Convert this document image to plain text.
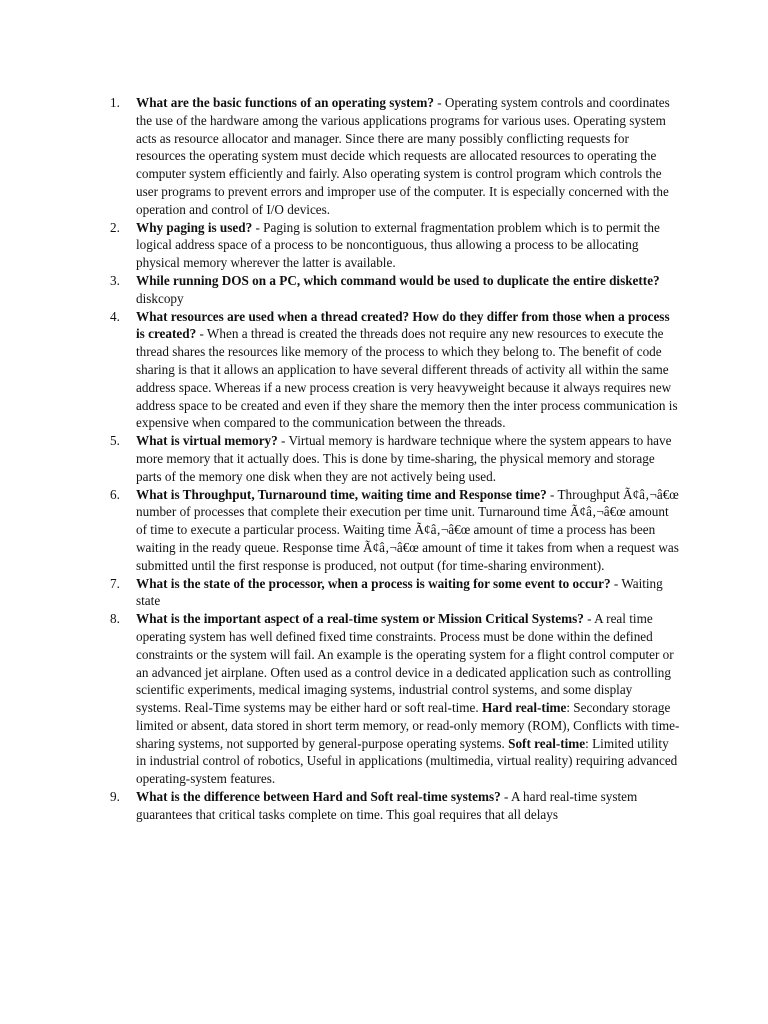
1. What are the basic functions of an operating system? - Operating system controls and coordinates the use of the hardware among the various applications programs for various uses. Operating system acts as resource allocator and manager. Since there are many possibly conflicting requests for resources the operating system must decide which requests are allocated resources to operating the computer system efficiently and fairly. Also operating system is control program which controls the user programs to prevent errors and improper use of the computer. It is especially concerned with the operation and control of I/O devices.
2. Why paging is used? - Paging is solution to external fragmentation problem which is to permit the logical address space of a process to be noncontiguous, thus allowing a process to be allocating physical memory wherever the latter is available.
3. While running DOS on a PC, which command would be used to duplicate the entire diskette? diskcopy
4. What resources are used when a thread created? How do they differ from those when a process is created? - When a thread is created the threads does not require any new resources to execute the thread shares the resources like memory of the process to which they belong to. The benefit of code sharing is that it allows an application to have several different threads of activity all within the same address space. Whereas if a new process creation is very heavyweight because it always requires new address space to be created and even if they share the memory then the inter process communication is expensive when compared to the communication between the threads.
5. What is virtual memory? - Virtual memory is hardware technique where the system appears to have more memory that it actually does. This is done by time-sharing, the physical memory and storage parts of the memory one disk when they are not actively being used.
6. What is Throughput, Turnaround time, waiting time and Response time? - Throughput Ã¢â‚¬â€œ number of processes that complete their execution per time unit. Turnaround time Ã¢â‚¬â€œ amount of time to execute a particular process. Waiting time Ã¢â‚¬â€œ amount of time a process has been waiting in the ready queue. Response time Ã¢â‚¬â€œ amount of time it takes from when a request was submitted until the first response is produced, not output (for time-sharing environment).
7. What is the state of the processor, when a process is waiting for some event to occur? - Waiting state
8. What is the important aspect of a real-time system or Mission Critical Systems? - A real time operating system has well defined fixed time constraints. Process must be done within the defined constraints or the system will fail. An example is the operating system for a flight control computer or an advanced jet airplane. Often used as a control device in a dedicated application such as controlling scientific experiments, medical imaging systems, industrial control systems, and some display systems. Real-Time systems may be either hard or soft real-time. Hard real-time: Secondary storage limited or absent, data stored in short term memory, or read-only memory (ROM), Conflicts with time-sharing systems, not supported by general-purpose operating systems. Soft real-time: Limited utility in industrial control of robotics, Useful in applications (multimedia, virtual reality) requiring advanced operating-system features.
9. What is the difference between Hard and Soft real-time systems? - A hard real-time system guarantees that critical tasks complete on time. This goal requires that all delays
